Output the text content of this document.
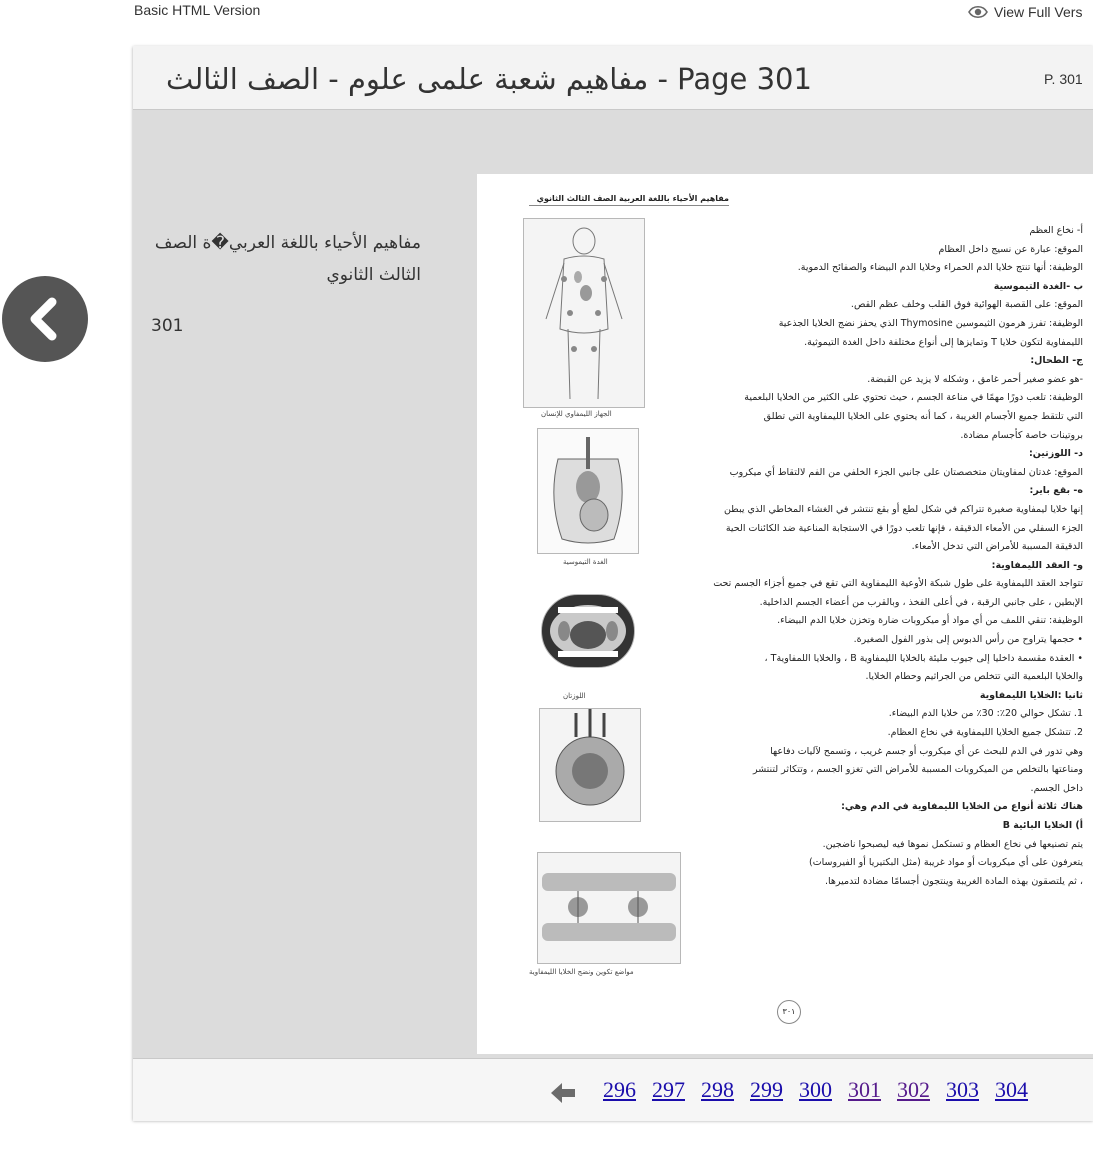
Basic HTML Version	View Full Vers
مفاهيم شعبة علمى علوم - الصف الثالث - Page 301	P. 301
مفاهيم الأحياء باللغة العربي�ة الصف الثالث الثانوي
301
مفاهيم الأحياء باللغة العربية الصف الثالث الثانوي
الجهاز الليمفاوي للإنسان
الغدة التيموسية
اللوزتان
مواضع تكوين ونضج الخلايا الليمفاوية

أ- نخاع العظم

الموقع: عبارة عن نسيج داخل العظام

الوظيفة: أنها تنتج خلايا الدم الحمراء وخلايا الدم البيضاء والصفائح الدموية.

ب -الغدة التيموسية

الموقع: على القصبة الهوائية فوق القلب وخلف عظم القص.

الوظيفة: تفرز هرمون الثيموسين Thymosine الذي يحفز نضج الخلايا الجذعية

الليمفاوية لتكون خلايا T وتمايزها إلى أنواع مختلفة داخل الغدة التيموثية.

ج- الطحال:

-هو عضو صغير أحمر غامق ، وشكله لا يزيد عن القبضة.

الوظيفة: تلعب دورًا مهمًا في مناعة الجسم ، حيث تحتوي على الكثير من الخلايا البلعمية

التي تلتقط جميع الأجسام الغريبة ، كما أنه يحتوي على الخلايا الليمفاوية التي تطلق

بروتينات خاصة كأجسام مضادة.

د- اللوزتين:

الموقع: غدتان لمفاويتان متخصصتان على جانبي الجزء الخلفي من الفم لالتقاط أي ميكروب

ه- بقع باير:

إنها خلايا ليمفاوية صغيرة تتراكم في شكل لطع أو بقع تنتشر في الغشاء المخاطي الذي يبطن

الجزء السفلي من الأمعاء الدقيقة ، فإنها تلعب دورًا في الاستجابة المناعية ضد الكائنات الحية

الدقيقة المسببة للأمراض التي تدخل الأمعاء.

و- العقد الليمفاوية:

تتواجد العقد الليمفاوية على طول شبكة الأوعية الليمفاوية التي تقع في جميع أجزاء الجسم تحت

الإبطين ، على جانبي الرقبة ، في أعلى الفخذ ، وبالقرب من أعضاء الجسم الداخلية.

الوظيفة: تنقي اللمف من أي مواد أو ميكروبات ضارة وتخزن خلايا الدم البيضاء.

• حجمها يتراوح من رأس الدبوس إلى بذور الفول الصغيرة.

• العقدة مقسمة داخليا إلى جيوب مليئة بالخلايا الليمفاوية B ، والخلايا اللمفاويةT ،

والخلايا البلعمية التي تتخلص من الجراثيم وحطام الخلايا.

ثانيا :الخلايا الليمفاوية

1. تشكل حوالي 20٪: 30٪ من خلايا الدم البيضاء.

2. تتشكل جميع الخلايا الليمفاوية في نخاع العظام.

وهي تدور في الدم للبحث عن أي ميكروب أو جسم غريب ، وتسمح لآليات دفاعها

ومناعتها بالتخلص من الميكروبات المسببة للأمراض التي تغزو الجسم ، وتتكاثر لتنتشر

داخل الجسم.

هناك ثلاثة أنواع من الخلايا الليمفاوية في الدم وهي:

أ) الخلايا البائية B

يتم تصنيعها في نخاع العظام و تستكمل نموها فيه ليصبحوا ناضجين.

يتعرفون على أي ميكروبات أو مواد غريبة (مثل البكتيريا أو الفيروسات)

، ثم يلتصقون بهذه المادة الغريبة وينتجون أجسامًا مضادة لتدميرها.

٣٠١
296 297 298 299 300 301 302 303 304
